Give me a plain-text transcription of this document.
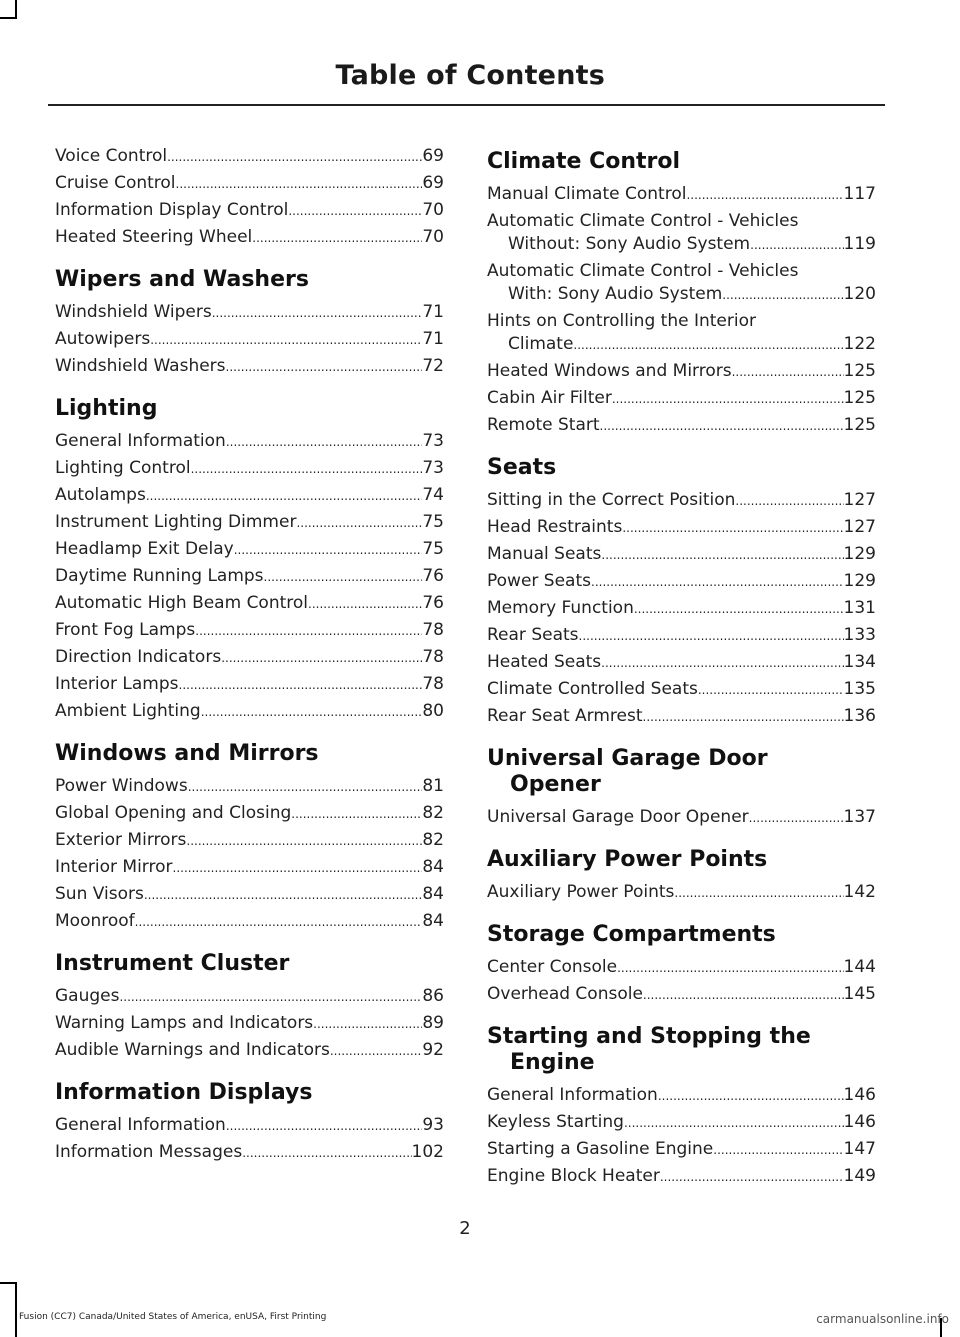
Table of Contents
Voice Control .....	69
Cruise Control .....	69
Information Display Control .....	70
Heated Steering Wheel .....	70
Wipers and Washers
Windshield Wipers .....	71
Autowipers .....	71
Windshield Washers .....	72
Lighting
General Information .....	73
Lighting Control .....	73
Autolamps .....	74
Instrument Lighting Dimmer .....	75
Headlamp Exit Delay .....	75
Daytime Running Lamps .....	76
Automatic High Beam Control .....	76
Front Fog Lamps .....	78
Direction Indicators .....	78
Interior Lamps .....	78
Ambient Lighting .....	80
Windows and Mirrors
Power Windows .....	81
Global Opening and Closing .....	82
Exterior Mirrors .....	82
Interior Mirror .....	84
Sun Visors .....	84
Moonroof .....	84
Instrument Cluster
Gauges .....	86
Warning Lamps and Indicators .....	89
Audible Warnings and Indicators .....	92
Information Displays
General Information .....	93
Information Messages .....	102
Climate Control
Manual Climate Control .....	117
Automatic Climate Control - Vehicles
Without: Sony Audio System .....	119
Automatic Climate Control - Vehicles
With: Sony Audio System .....	120
Hints on Controlling the Interior
Climate .....	122
Heated Windows and Mirrors .....	125
Cabin Air Filter .....	125
Remote Start .....	125
Seats
Sitting in the Correct Position .....	127
Head Restraints .....	127
Manual Seats .....	129
Power Seats .....	129
Memory Function .....	131
Rear Seats .....	133
Heated Seats .....	134
Climate Controlled Seats .....	135
Rear Seat Armrest .....	136
Universal Garage Door
Opener
Universal Garage Door Opener .....	137
Auxiliary Power Points
Auxiliary Power Points .....	142
Storage Compartments
Center Console .....	144
Overhead Console .....	145
Starting and Stopping the
Engine
General Information .....	146
Keyless Starting .....	146
Starting a Gasoline Engine .....	147
Engine Block Heater .....	149
2
Fusion (CC7) Canada/United States of America, enUSA, First Printing	carmanualsonline.info
